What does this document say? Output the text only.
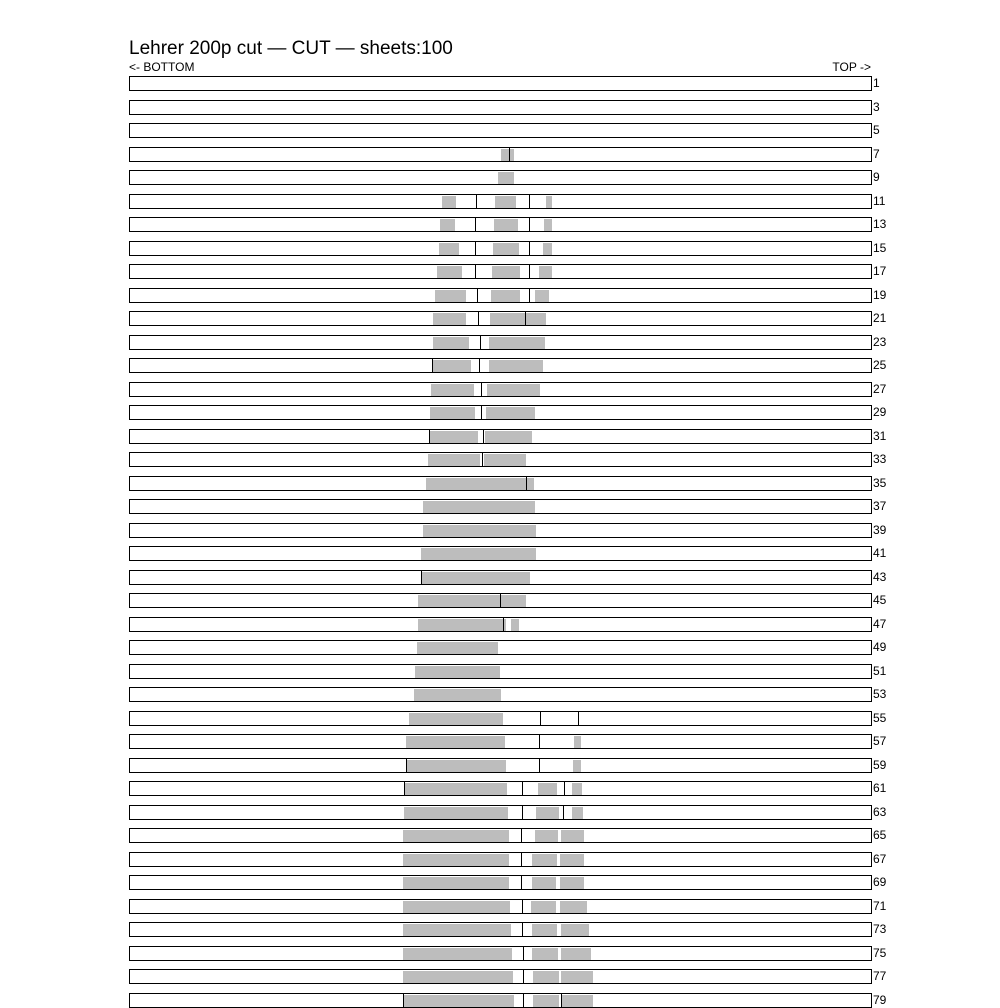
Lehrer 200p cut — CUT — sheets:100
<- BOTTOM	TOP ->
1
3
5
7
9
11
13
15
17
19
21
23
25
27
29
31
33
35
37
39
41
43
45
47
49
51
53
55
57
59
61
63
65
67
69
71
73
75
77
79
